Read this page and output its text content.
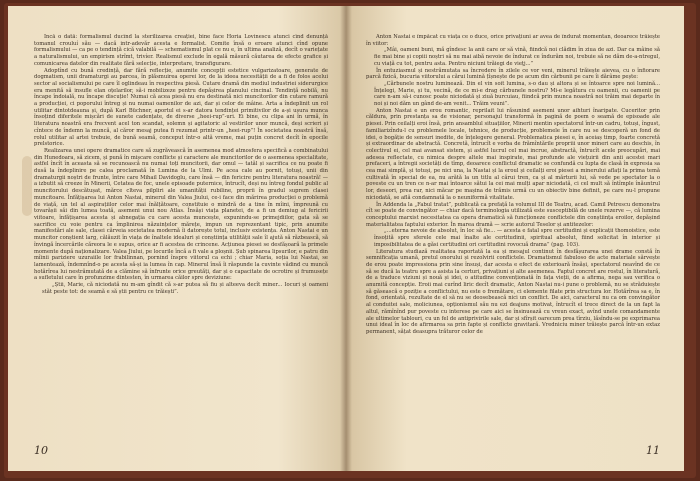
Incă o dată: formalismul ducînd la sterilizarea creației, bine face Horia Lovinescu atunci cînd denunță tomanul crouluí său — dacă intr-adevăr acesta e formalist. Comite însă o eroare atunci cînd opune formalismului — ca pe o tendință cică valabilă — schematismul plat ce nu e, în ultima analiză, decît o variețate a naturalismului, un empirism strîmt, trivíer. Realismul exclude în egală măsură căutarea de efecte grafice și comunicarea datelor din realitate fără selecție, interpretare, transfigurare.

Adoptînd cu bună credință, dar fără reflecție, anumite concepții estetice vulgarizatoare, generate de dogmatism, unii dramaturgi au parcea, în plăsmuirea operei lor, de la ideea necesității de a fi de folos acelui sector al socialismului pe care îl oglindeau în respectiva piesă. Cutare dramă din mediul industriei siderurgice era menită să insufle elan oțelarilor, să-i mobilizeze pentru depășirea planului cincinal. Tendință nobilă, nu încape îndoială, nu încape discuție! Numai că acea piesă nu era destinată nici muncitorilor din cutare ramură a producției, ci poporului întreg și nu numai oamenilor de azi, dar și celor de mâine. Arta a îndeplinit un rol utilitar dintotdeauna și, după Karl Büchner, aportul ei s-ar datora tendinței primitivilor de a-și ușura munca însoțind diferitele mișcări de sunete cadențate, de diverse „heei-rup”-uri. Ei bine, cu clipa ani în urmă, în literatura noastră era frecvent acel ton scandat, solemn și agitatoric al vestirilor unor muncă, deși scrieri și cîntece de îndemn la muncă, al căror mesaj putea fi rezumat printr-un „heei-rup”! În societatea noastră însă, rolul utilitar al artei trebuie, de bună seamă, conceput într-o altă vreme, mai puțin concret decît în epocile prelstorice.

Realizarea unei opere dramatice care să zugrăvească în asemenea mod atmosfera specifică a combinatului din Hunedoara, să zicem, și pună în mișcare conflicte și caractere ale muncitorilor de o asemenea specialitate, astfel încît în aceasta să se recunoască nu numai toți muncitorii, dar omul — tatăl și sacrifica ce nu poate fi dusă la îndeplinire pe calea proclamată în Lumina de la Ulmi. Pe acea cale au pornit, totuși, unii din dramaturgii noștri de frunte, între care Mihail Davidoglu, care însă — din fericire pentru literatura noastră! — a izbutit să creeze în Minerii, Cetatea de foc, unele episoade puternice, întrucît, deși nu întreg fondul public al muncitorului descătușat, mărce clteva pilpliri ale umanității rubiline, proprii în gradul suprem clasei muncitoare. Înfățișarea lui Anton Nastai, minerul din Valea Jiului, ce-i face din mărirea producției o problemă de viață, un tel al aspirațiilor celor mai înălțătoare, constituie o mindră de a tine în mîini, împreună cu tovarășii săi din lumea toată, asemeni unui nou Atlas. Însăși viața planetei, de a fi un demiug al fericirii viitoare, înfățișarea acesta și abnegația cu care acesta muncește, expunindu-se primejdiilor, gata să se sacrifice cu voie pentru ca împlinirea năzuințelor mărețe, impun un reprezentant tipic, prin anumite manifestări ale sale, clasei cărveia societatea modernă îi datorește totul, inclusiv existența. Anton Nastai e un muncitor conștient larg, călăuzit în viața de înaltele idealuri și conștiința utilității sale îl ajută să răzbească, să învingă încercările căreora le e supus, orice ar fi acestea de crincene. Acțiunea piesei se desfășoară la primele momente după naționalizare. Valea Jiului, pe locurile încă a fi vale a ploșnii. Șub spinarea lipsurilor, e patru din mîinii pariziere uzuraiile lor frabilinnan, pornind înspre viitorul ca echi ; chiar Maria, soția lui Nastai, se lamentează, îndemnînd-o pe acesta să-și ia lumea în cap. Minerul însă îi răspunde la cuvinte vădind cu muncă hotărîrea lui nestrămutată de a clămine să înfrunte orice greutăți, dar și o capacitate de ocrotire și frumusețe a sufletului care în profunzime dintesten, în urmarea căilor spre deviziune:

„Știi, Marie, că niciodată nu m-am gîndit că s-ar putea să fiu și alteeva decît miner... Iocuri și oameni stăt peste tot: de seamă e să știi pentru ce trăiești”.

10

Anton Nastai e împăcat cu viața ce o duce, orice privațiuni ar avea de îndurat momentan, deoarece trăiește în viitor:

„Mâi, oameni buni, mă gîndesc la anii care or să vină, fiindcă noi clădim în ziua de azi. Dar ca mâine să fie mai bine și copiii noștri să nu mai aibă nevoie de îndurat ce îndurăm noi, trebuie să ne dăm de-a-ntregul, cu viață cu tot, pentru asta. Pentru niciuni trăiegi de viețj...”

În entuziasmul și nestrămutata sa încredere în zilele ce vor veni, minerul trăiește aievea, cu o înfiorare parcă fizică, bucuria viitorului a cărui lumină țîșnește de pe acum din cărbunii pe care îi dărâme pește:

„Cărbunele nostru luminează. Din el vin soit lumina, s-o dau și altora și se întoarce spre noi lumină... Înțelegi, Marie, și tu, vecină, de ce mi-e drag cărbunele nostru? Mi-e legătura cu oamenii, cu oamenii pe care n-am să-i cunosc poate niciodată și ziuă burcuiau, fiindcă prin munca noastră noi trăim mai departe în noi și noi dăm un gând de-am venit... Trăim veuni”.

Anton Nastai e un erou romantic, reprilait lui răsunind asemeni unor aihturi înaripate. Cuceritor prin căldura, prin prestanța sa de visionar, personajul transformă în pagină de poem o seamă de episoade ale piesei. Prin ceilalți eroi însă, prin ansamblul situațiilor, Minerii mentin spectatorul într-un cadru, totuși, îngust, familiarizîndu-l cu problemele locale, tehnice, de producție, problemele în care nu se descoperă un fond de idei, o bogăție de sensuri inedite, de înțelegere general. Problematica piesei e, în aceiaș timp, foarte concretă și extraordinar de abstractă. Concretă, întrucît e vorba de frămîntările propriii unor mineri care au deschis, în colectivul ei, cel mai avansat sistem, și astfel lucrul cel mai incrue, abstractă, întrucît acele preocupări, mai adesea reflectate, cu nimica despre altele mai inspirate, mai profunde ale viețuirii din anii acestei mari prefaceri, a întregii societăți de tîmp, deoarece conflictul dramatic se confundă cu lupta de clasă în expresia sa cea mai simplă, și totuși, pe nici una, la Nastai și la eroul și ceilalți eroi piesei a minerului aflați la prima temă cultivată în special de ea, nu arătă la un titlu al cărui tren, ca și al mărturii lui, să vede pe spectator la o poveste cu un tren ce n-ar mai întoarce sătui la cei mai mulți apar niciodată, ci cel mult să întîmple înăuntrul lor, deseori, prea rar, nici măcar pe mașina de trămis urmă cu un obiectiv bine definit, pe care nu-l propune niciodată, se află condamnată la o neuniformă vitalitate.

În Addenda la „Fabul tratat”, publicată ca prefață la volumul III de Teatru, acad. Camil Petrescu demonstra cît se poate de convingător — chiar dacă terminologia utilizată este susceptibilă de unele rezerve —, că lumina conceptului marxist necesitatea ca opera dramatică să funcționeze conflictele din conștiința eroilor, depășind materialitatea faptului exterior. În marea dramă — scrie autorul Teselor și antitezelor:

„...eterna nevoie de absolut, în loc să fie... — acesta e fatal spre certitudini și explicații thomoistice, este însoțită spre sferele cele mai înalte ale certitudinii, spiritual absolut, fiind solicitat în interior și imposibilitatea de a găsi certitudini ori certitudini rovocuă drama” (pag. 103).

Literatura studiază realitatea raportată la ea și mesajul continut în desfășurarea unei drame constă în semnificația umană, pretul onorului și rezolvirii conflictele. Dramatismul fabuloso de acte materiale sărvește de erou poate impressiona prin sine însuși, dar acesta e efect de exterioară însăși, spectatorul neavînd de ce să se ducă la teatru spre a asista la certuri, privațiuni și alte asemenea. Faptul concret are rostul, în literatură, de a traduce viziuni și nouă și idei, o atitudine convenționată în fața vieții, de a afirma, nega sau verifica o anumită concepție. Eroii mai curînd liric decît dramatic, Anton Nastai nu-i pune o problemă, nu se străduiește să găsească o poziție a conflictului, nu este o fremătare, ci elemente filate prin structura lor. Hotărîrea sa e, în fond, orientată, rezultate de el să nu se deosebească nici un conflict. De aici, caracterul nu ca om convingător al conduitei sale, moliciunea, opționismul său nu ezi deajuns motivat, întrucît el trece direct de la un fapt la altul, rămînînd pur poveste cu interese pe care aici se însinuează cu vreun exact, avînd unele comandamente ale ultimelor tablouri, cu un fel de antiprivirile sale, dar și sfîrșit oarecum prea tîrziu, lăsîndu-se pe exprimarea unui ideal în loc de afirmarea sa prin fapte și conflicte gravitară. Vredniciu miner trăiește parcă într-un extaz permanent, sățat deasupra trăturor celor de

11
